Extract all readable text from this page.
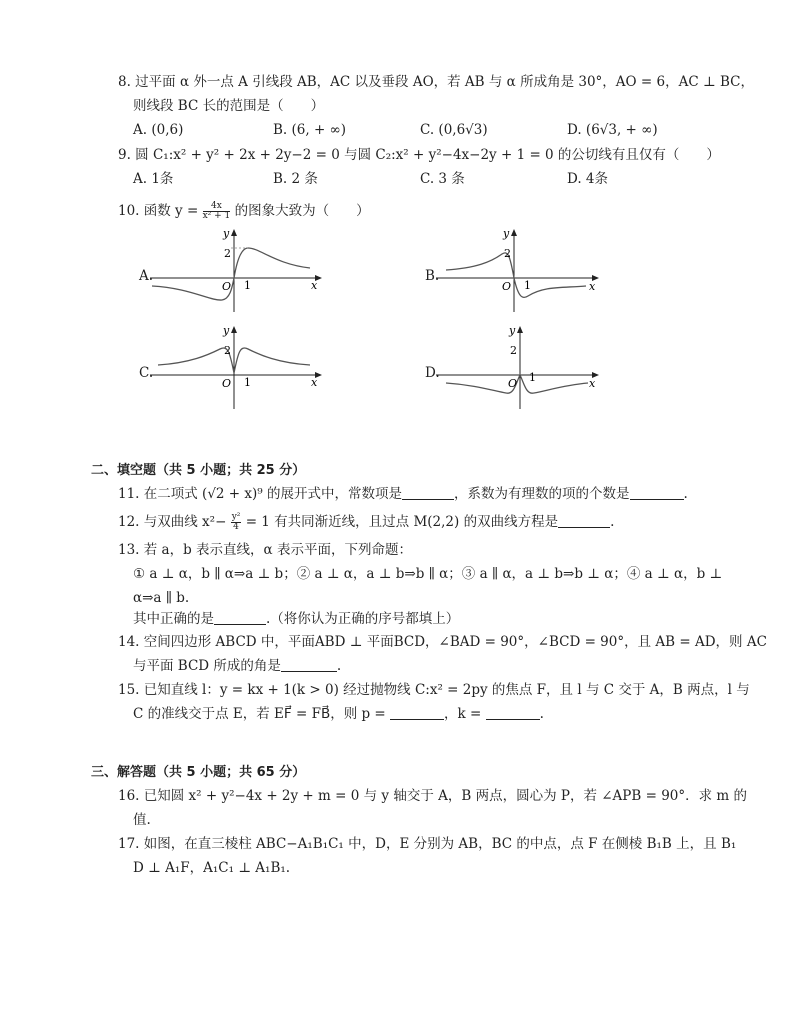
8. 过平面 α 外一点 A 引线段 AB，AC 以及垂段 AO，若 AB 与 α 所成角是 30°，AO = 6，AC ⊥ BC，
则线段 BC 长的范围是（　　）
A. (0,6)	B. (6, + ∞)	C. (0,6√3)	D. (6√3, + ∞)
9. 圆 C₁:x² + y² + 2x + 2y−2 = 0 与圆 C₂:x² + y²−4x−2y + 1 = 0 的公切线有且仅有（　　）
A. 1条	B. 2 条	C. 3 条	D. 4条
10. 函数 $y = \frac{4x}{\text{x² + 1}}$ 的图象大致为（　　）
A.
y
2
O 1	x
B.
y
2
O 1	x
C.
y
2
O 1	x
D.
y
2
O 1	x
二、填空题（共 5 小题；共 25 分）
11. 在二项式 (√2 + x)⁹ 的展开式中，常数项是	，系数为有理数的项的个数是	.
12. 与双曲线 $x^2- \frac{\text{y²}}{4} = 1$ 有共同渐近线，且过点 M(2,2) 的双曲线方程是	.
13. 若 a，b 表示直线，α 表示平面，下列命题：
① a ⊥ α，b ∥ α⇒a ⊥ b；② a ⊥ α，a ⊥ b⇒b ∥ α；③ a ∥ α，a ⊥ b⇒b ⊥ α；④ a ⊥ α，b ⊥
α⇒a ∥ b.
其中正确的是	.（将你认为正确的序号都填上）
14. 空间四边形 ABCD 中，平面ABD ⊥ 平面BCD，∠BAD = 90°，∠BCD = 90°，且 AB = AD，则 AC
与平面 BCD 所成的角是	.
15. 已知直线 l：y = kx + 1(k > 0) 经过抛物线 C:x² = 2py 的焦点 F，且 l 与 C 交于 A，B 两点，l 与
C 的准线交于点 E，若 EF⃗ = FB⃗，则 p =	，k =	.
三、解答题（共 5 小题；共 65 分）
16. 已知圆 x² + y²−4x + 2y + m = 0 与 y 轴交于 A，B 两点，圆心为 P，若 ∠APB = 90°．求 m 的
值.
17. 如图，在直三棱柱 ABC−A₁B₁C₁ 中，D，E 分别为 AB，BC 的中点，点 F 在侧棱 B₁B 上，且 B₁
D ⊥ A₁F，A₁C₁ ⊥ A₁B₁.
